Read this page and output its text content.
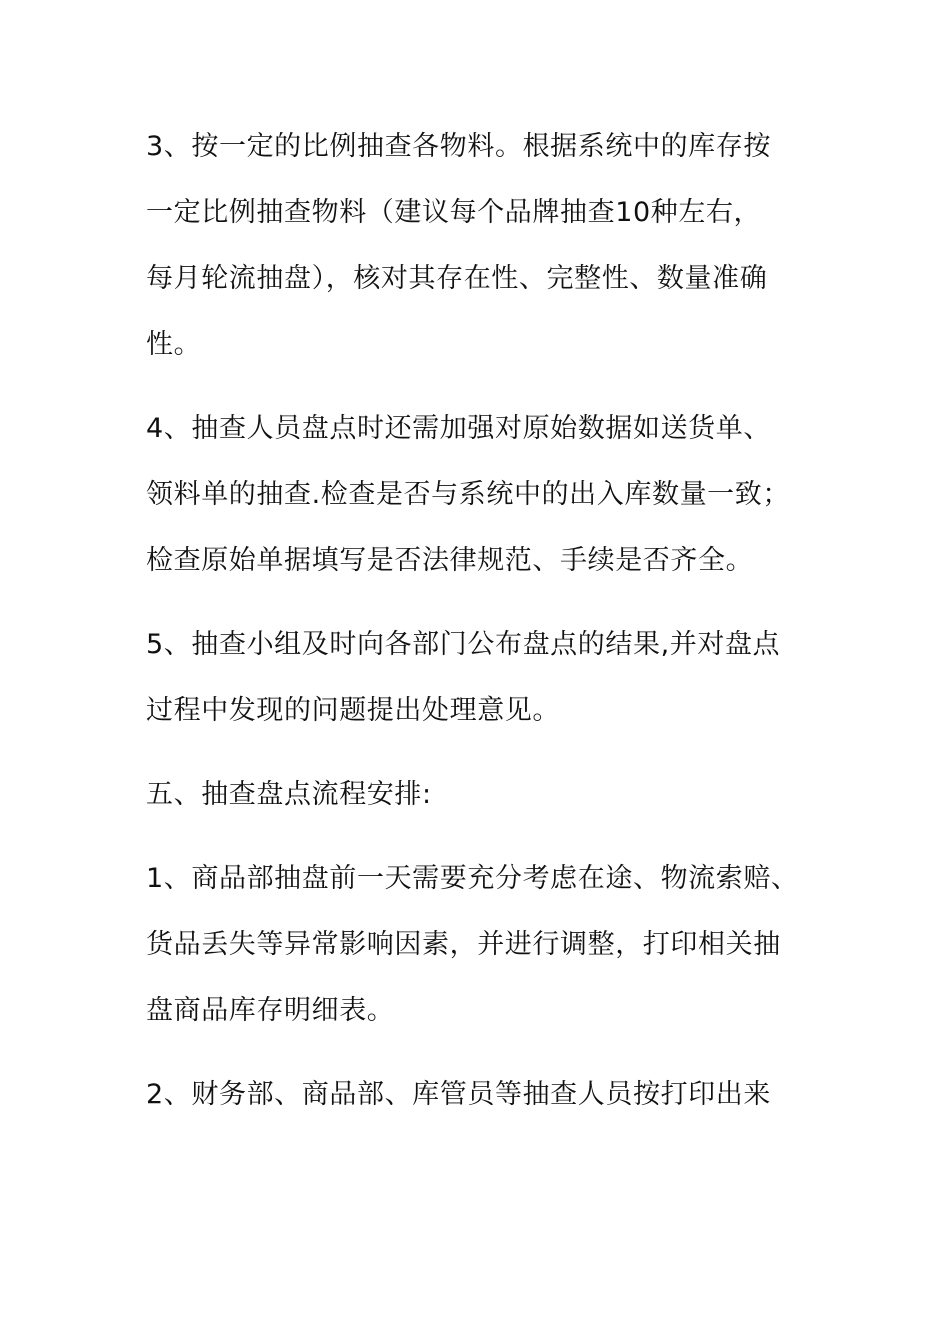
3、按一定的比例抽查各物料。根据系统中的库存按
一定比例抽查物料（建议每个品牌抽查10种左右，
每月轮流抽盘），核对其存在性、完整性、数量准确
性。
4、抽查人员盘点时还需加强对原始数据如送货单、
领料单的抽查.检查是否与系统中的出入库数量一致；
检查原始单据填写是否法律规范、手续是否齐全。
5、抽查小组及时向各部门公布盘点的结果,并对盘点
过程中发现的问题提出处理意见。
五、抽查盘点流程安排:
1、商品部抽盘前一天需要充分考虑在途、物流索赔、
货品丢失等异常影响因素，并进行调整，打印相关抽
盘商品库存明细表。
2、财务部、商品部、库管员等抽查人员按打印出来
